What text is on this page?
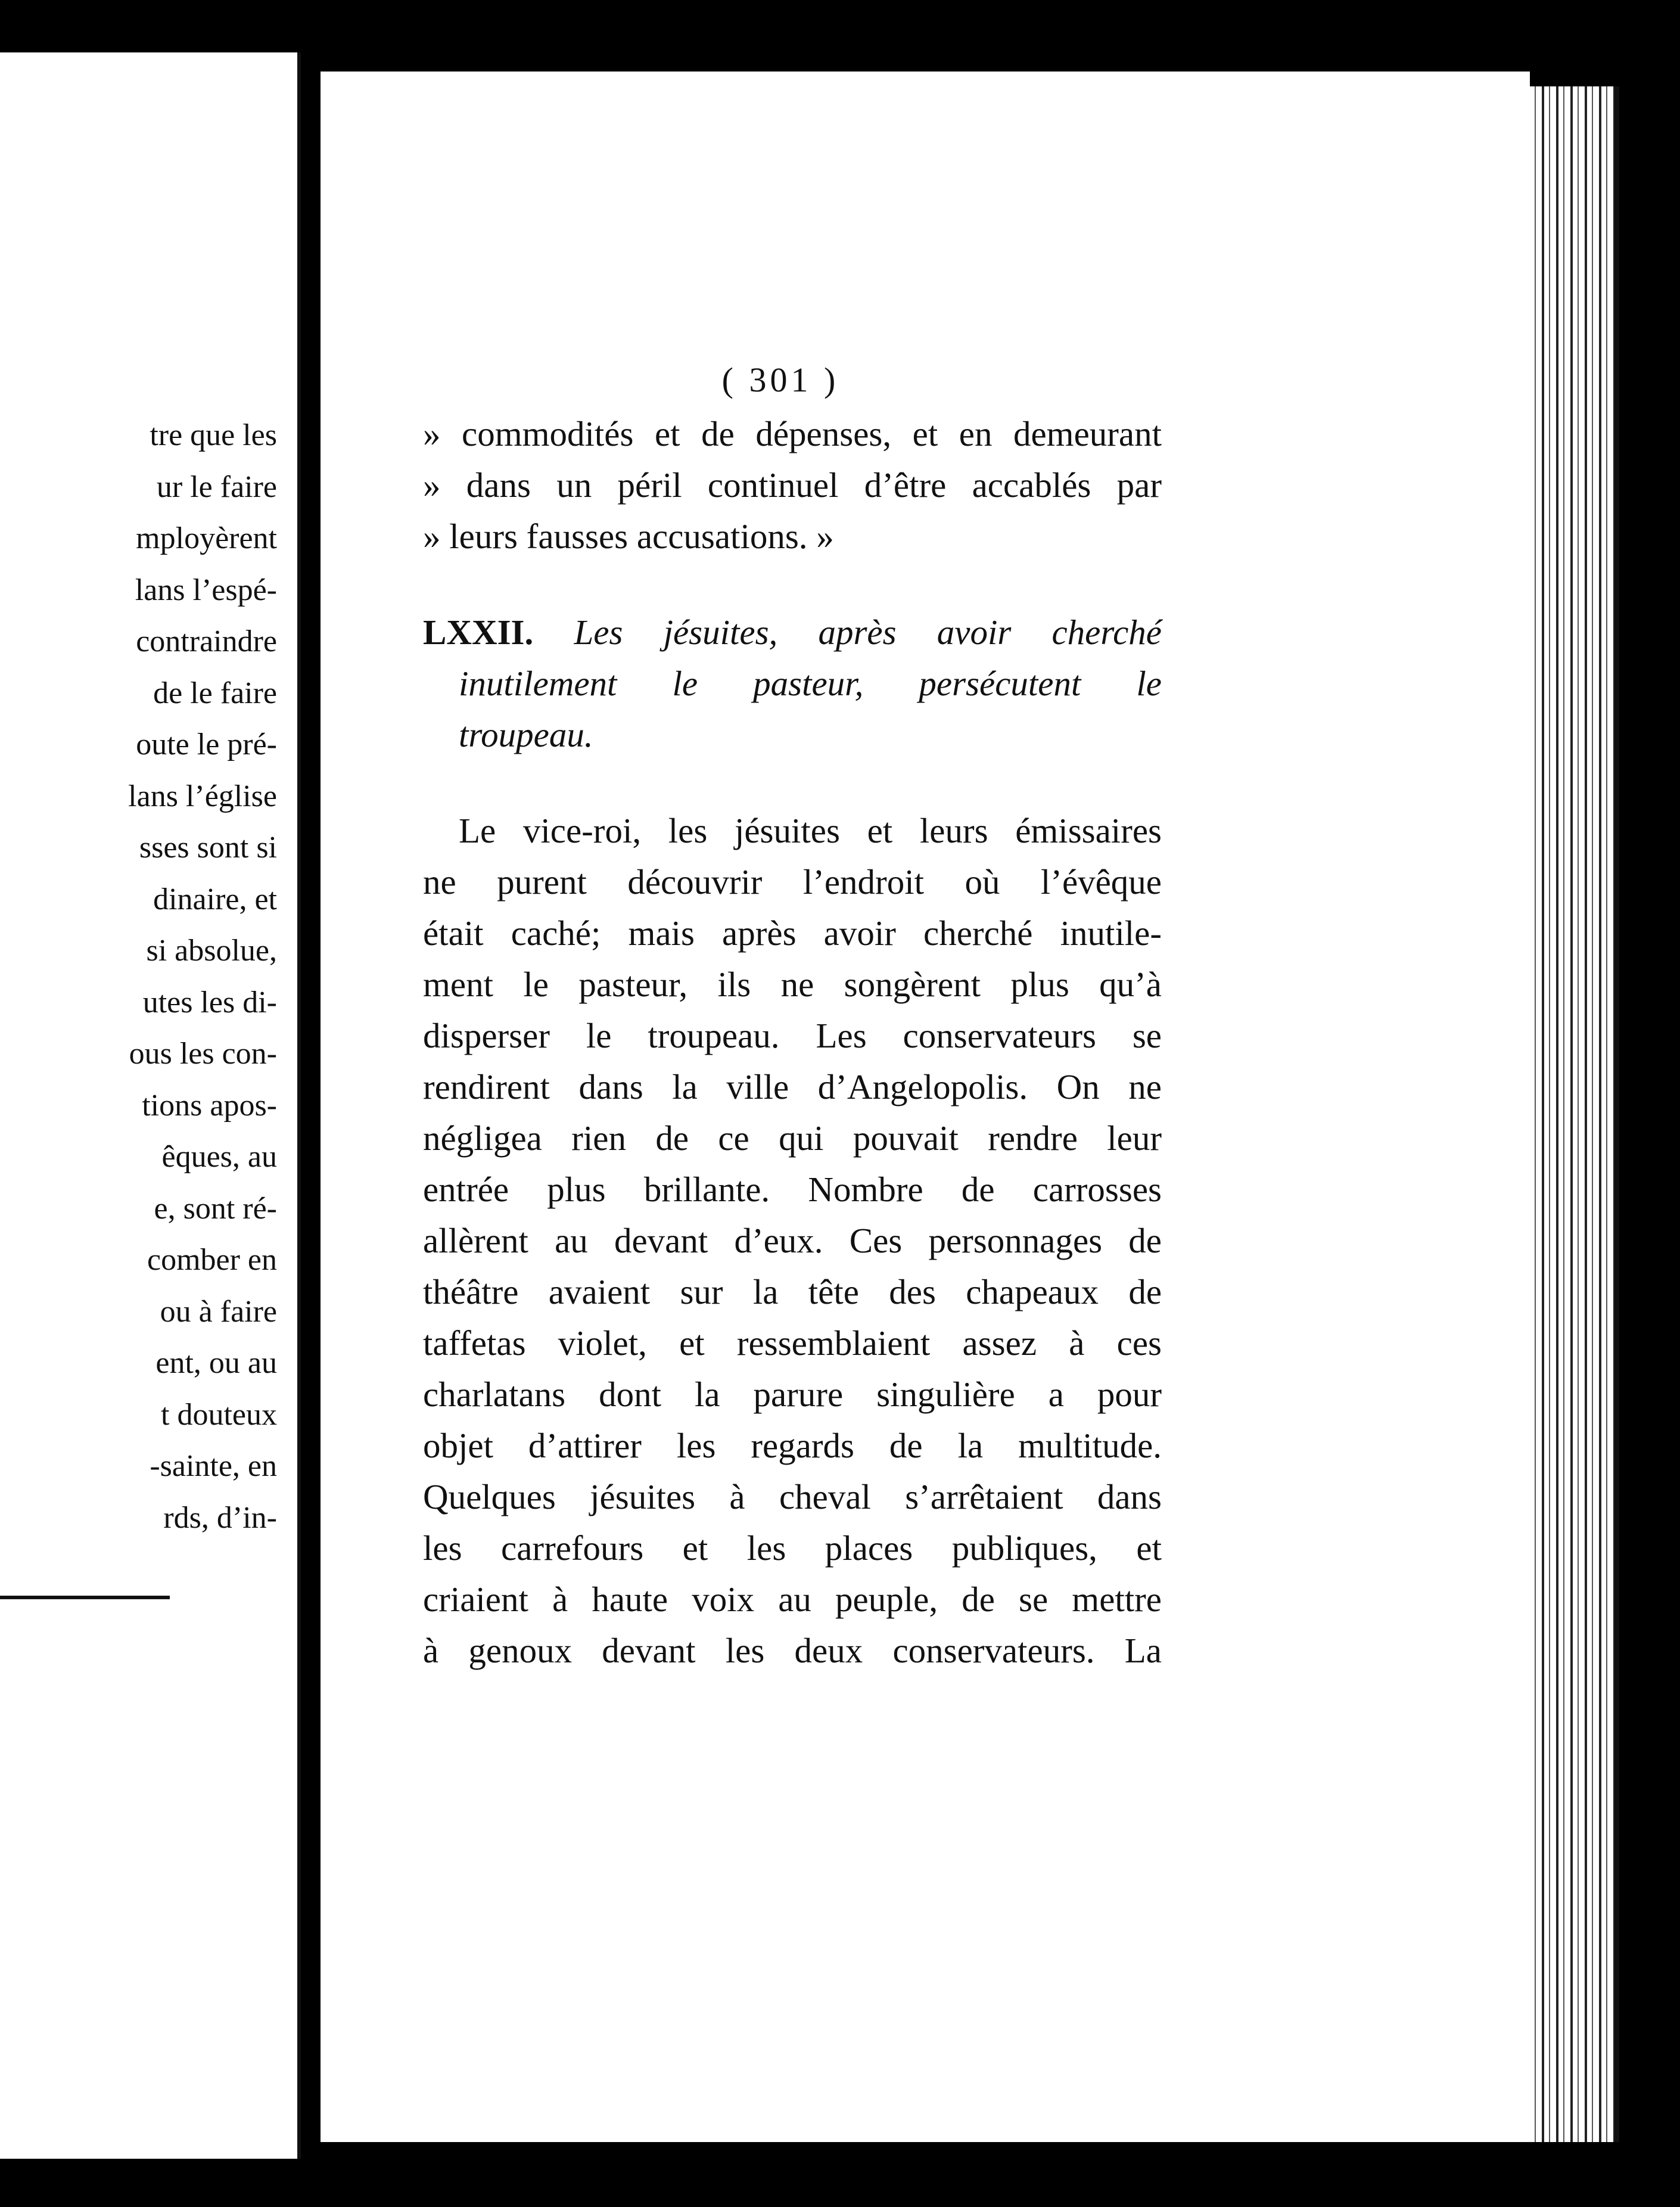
tre que les
ur le faire
mployèrent
lans l’espé-
contraindre
de le faire
oute le pré-
lans l’église
sses sont si
dinaire, et
si absolue,
utes les di-
ous les con-
tions apos-
êques, au
e, sont ré-
comber en
ou à faire
ent, ou au
t douteux
-sainte, en
rds, d’in-
( 301 )
» commodités et de dépenses, et en demeurant
» dans un péril continuel d’être accablés par
» leurs fausses accusations. »
LXXII. Les jésuites, après avoir cherché
inutilement le pasteur, persécutent le
troupeau.
Le vice-roi, les jésuites et leurs émissaires
ne purent découvrir l’endroit où l’évêque
était caché; mais après avoir cherché inutile-
ment le pasteur, ils ne songèrent plus qu’à
disperser le troupeau. Les conservateurs se
rendirent dans la ville d’Angelopolis. On ne
négligea rien de ce qui pouvait rendre leur
entrée plus brillante. Nombre de carrosses
allèrent au devant d’eux. Ces personnages de
théâtre avaient sur la tête des chapeaux de
taffetas violet, et ressemblaient assez à ces
charlatans dont la parure singulière a pour
objet d’attirer les regards de la multitude.
Quelques jésuites à cheval s’arrêtaient dans
les carrefours et les places publiques, et
criaient à haute voix au peuple, de se mettre
à genoux devant les deux conservateurs. La
